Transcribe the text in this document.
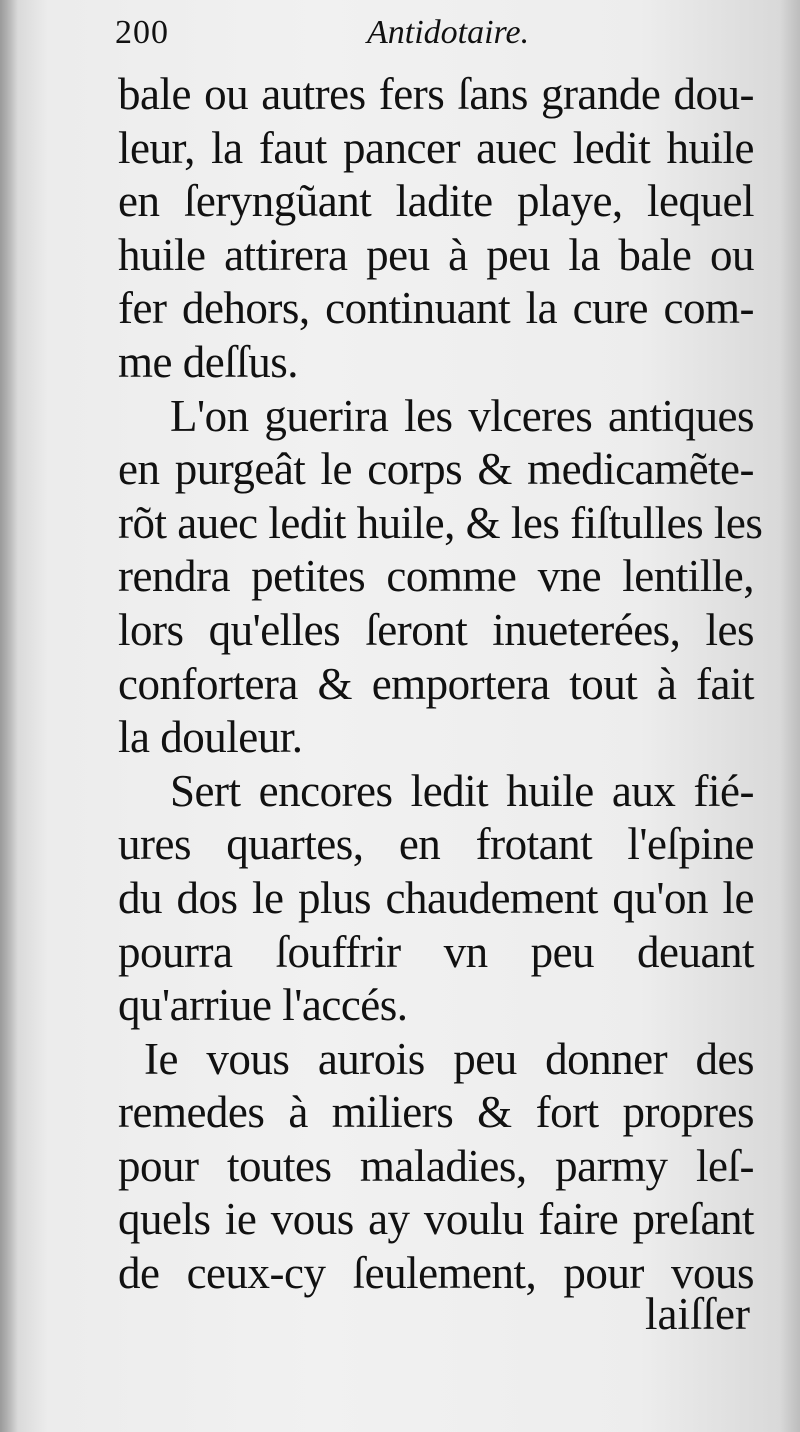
200	Antidotaire.
bale ou autres fers ſans grande dou-
leur, la faut pancer auec ledit huile
en ſeryngũant ladite playe, lequel
huile attirera peu à peu la bale ou
fer dehors, continuant la cure com-
me deſſus.
L'on guerira les vlceres antiques
en purgeât le corps & medicamẽte-
rõt auec ledit huile, & les fiſtulles les
rendra petites comme vne lentille,
lors qu'elles ſeront inueterées, les
confortera & emportera tout à fait
la douleur.
Sert encores ledit huile aux fié-
ures quartes, en frotant l'eſpine
du dos le plus chaudement qu'on le
pourra ſouffrir vn peu deuant
qu'arriue l'accés.
Ie vous aurois peu donner des
remedes à miliers & fort propres
pour toutes maladies, parmy leſ-
quels ie vous ay voulu faire preſant
de ceux-cy ſeulement, pour vous
laiſſer
